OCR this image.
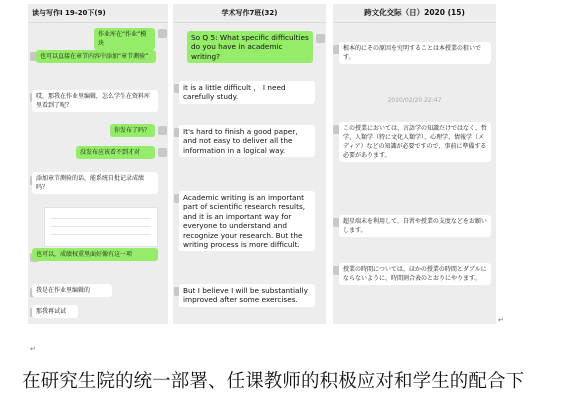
读与写作I 19-20下(9)
作业库在“作业”模块
也可以直接在章节内容中添加“章节测验”
哎，那我在作业里编辑，怎么学生在资料库里看到了呢？
你发布了吗？
没发布应该看不到才对
添加章节测验的话，能系统自批记录成绩吗？
也可以，成绩权重里面好像有这一项
我是在作业里编辑的
那我再试试
学术写作7班(32)
So Q 5: What specific difficulties do you have in academic writing?
it is a little difficult ， I need carefully study.
It's hard to finish a good paper, and not easy to deliver all the information in a logical way.
Academic writing is an important part of scientific research results, and it is an important way for everyone to understand and recognize your research. But the writing process is more difficult.
But I believe I will be substantially improved after some exercises.
跨文化交际（日）2020 (15)
根本的にその原因を究明することは本授業の狙いです。
2020/02/20 22:47
この授業においては、言語学の知識だけではなく、哲学、人類学（特に文化人類学）、心理学、情報学（メディア）などの知識が必要ですので、事前に準備する必要があります。
超星端末を利用して、自習や授業の支度などをお願いします。
授業の時間については、ほかの授業の時間とダブルにならないように、時間割合表のとおりにやります。
↵
↵
在研究生院的统一部署、任课教师的积极应对和学生的配合下
